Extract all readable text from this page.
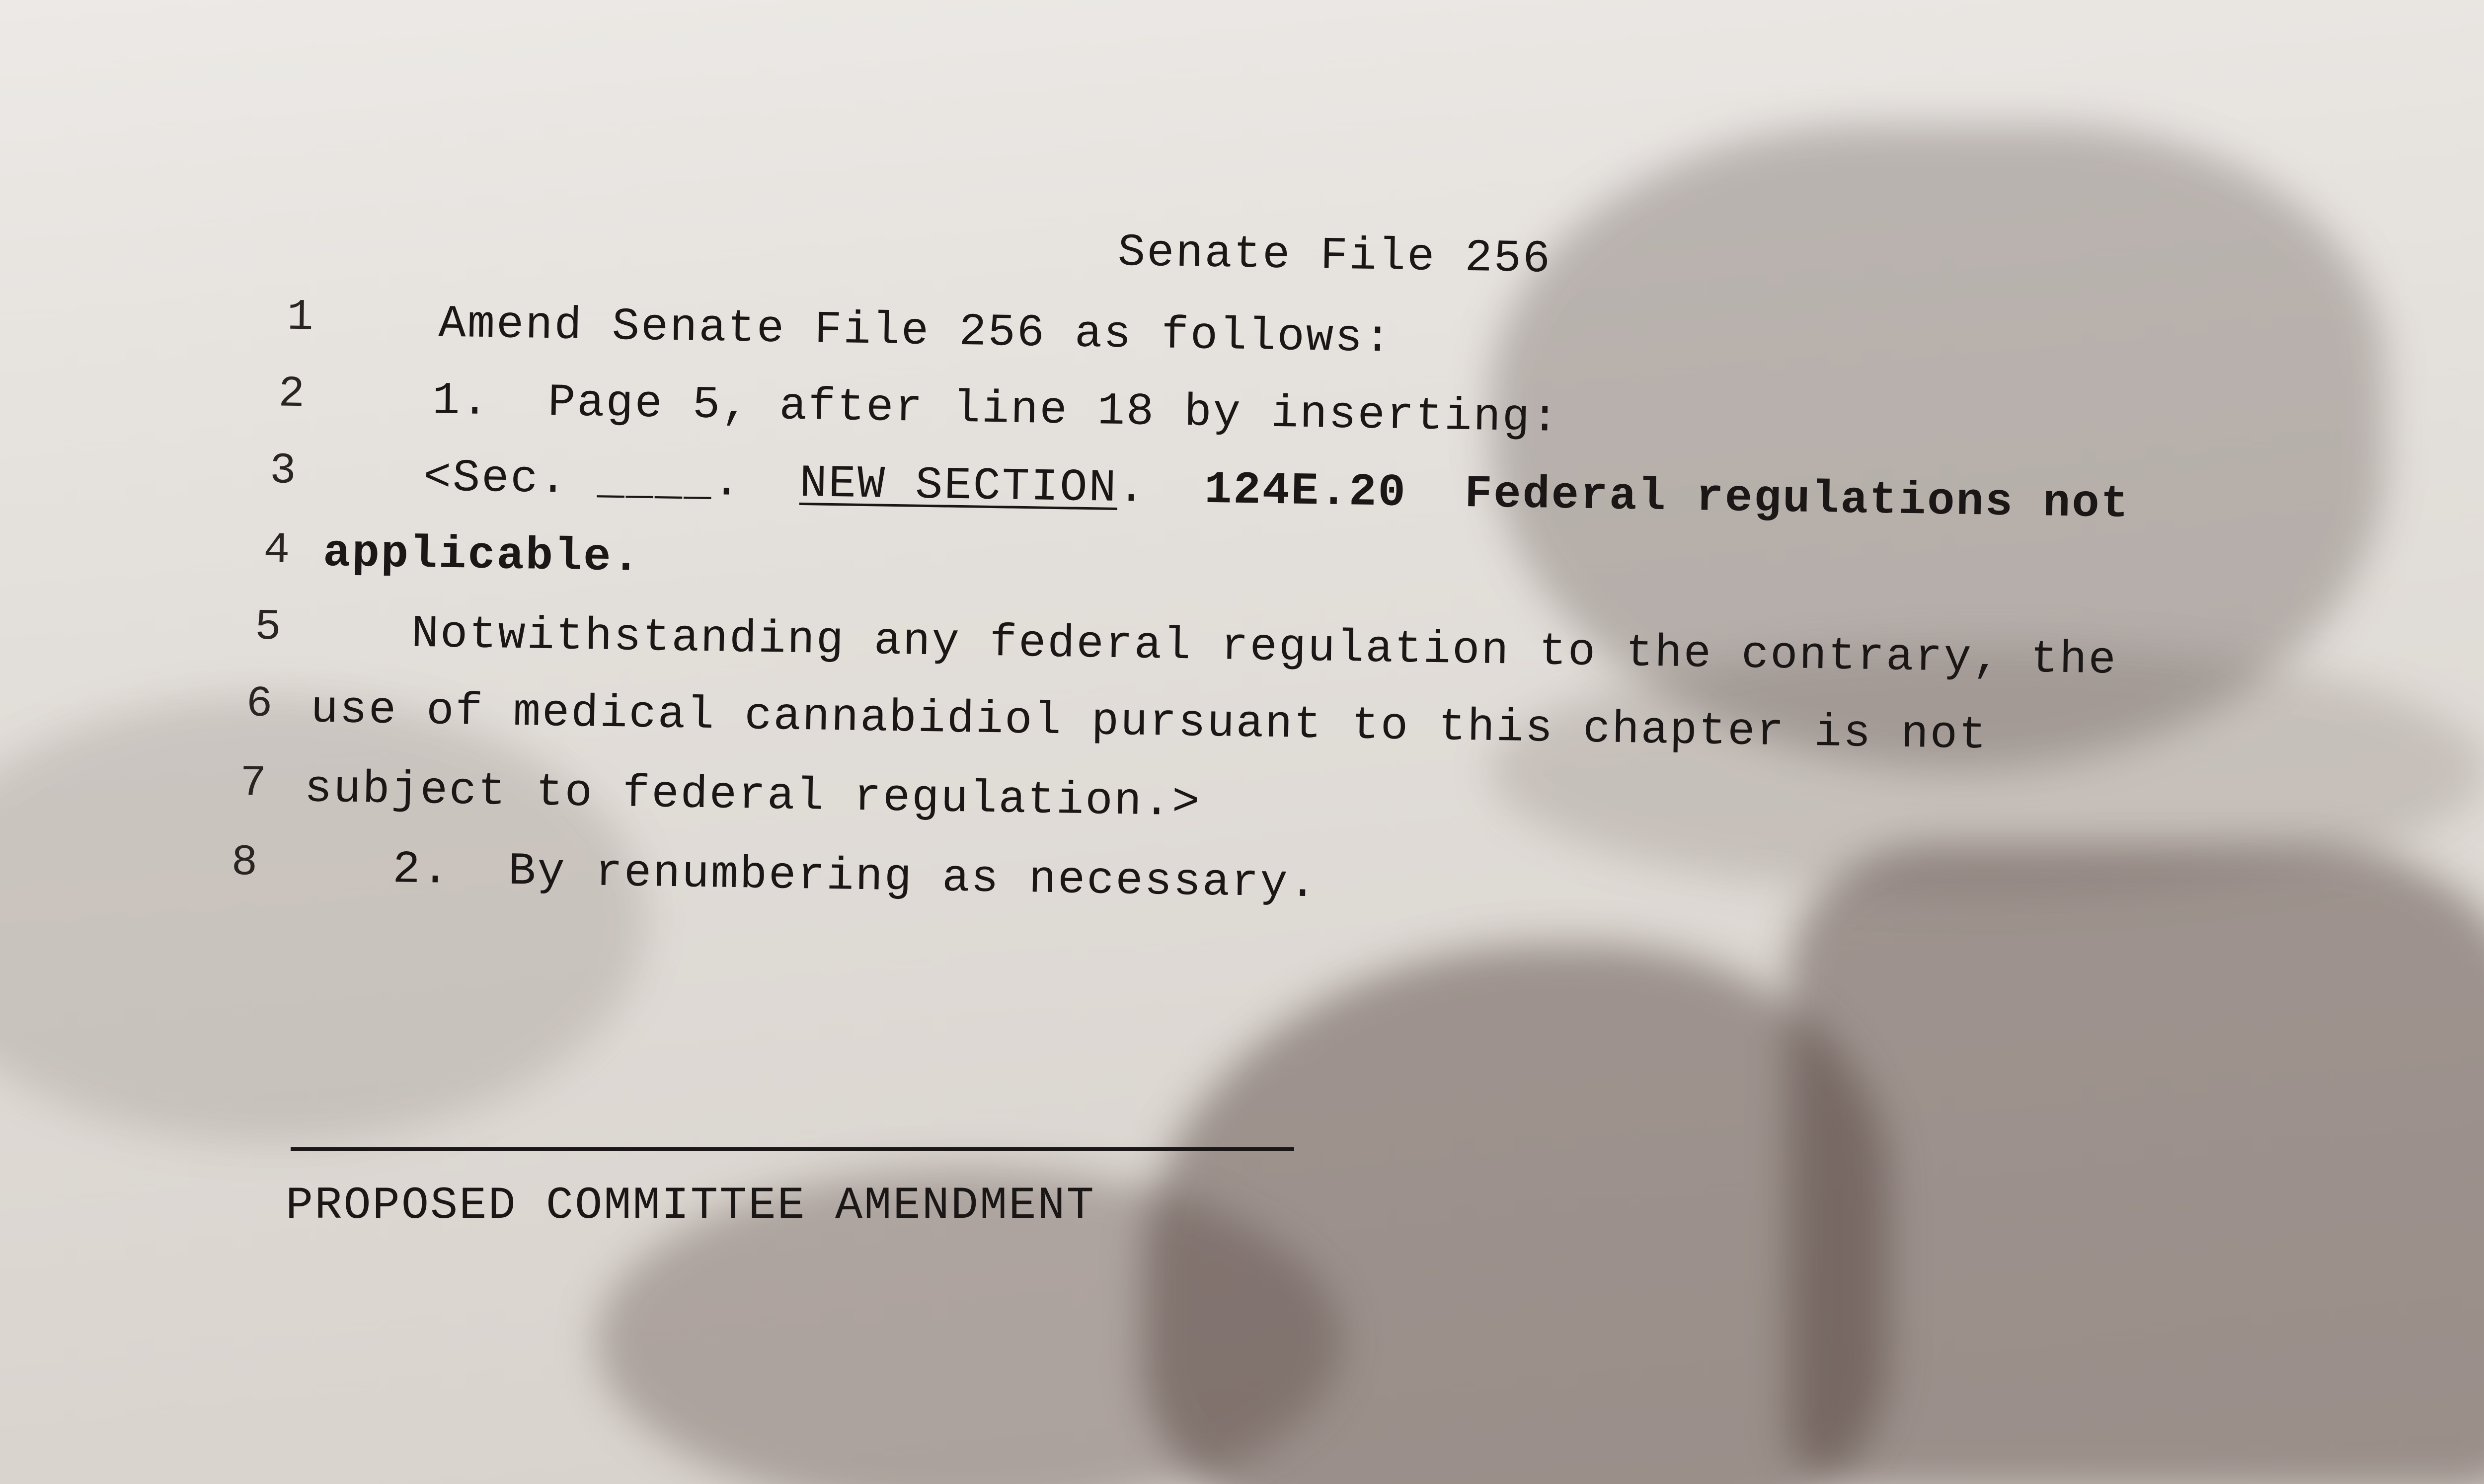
Senate File 256
1	Amend Senate File 256 as follows:
2	1.  Page 5, after line 18 by inserting:
3	<Sec. ____.  NEW SECTION. 124E.20 Federal regulations not
4 applicable.
5	Notwithstanding any federal regulation to the contrary, the
6 use of medical cannabidiol pursuant to this chapter is not
7 subject to federal regulation.>
8	2.  By renumbering as necessary.
PROPOSED COMMITTEE AMENDMENT
